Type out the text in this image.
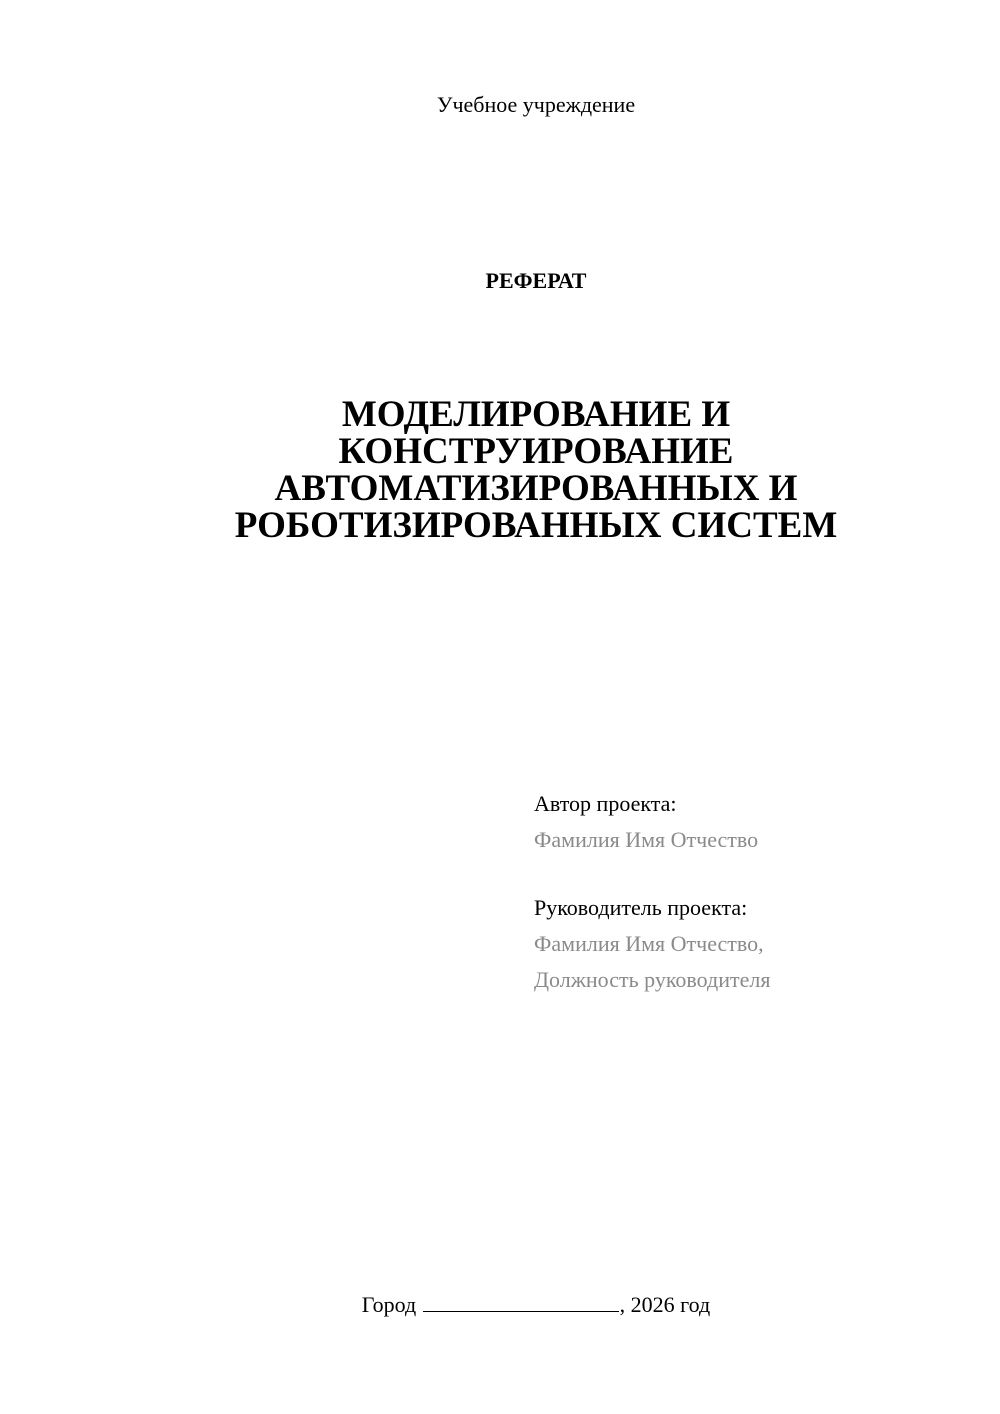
Учебное учреждение
РЕФЕРАТ
МОДЕЛИРОВАНИЕ И
КОНСТРУИРОВАНИЕ
АВТОМАТИЗИРОВАННЫХ И
РОБОТИЗИРОВАННЫХ СИСТЕМ
Автор проекта:
Фамилия Имя Отчество
Руководитель проекта:
Фамилия Имя Отчество,
Должность руководителя
Город	, 2026 год
